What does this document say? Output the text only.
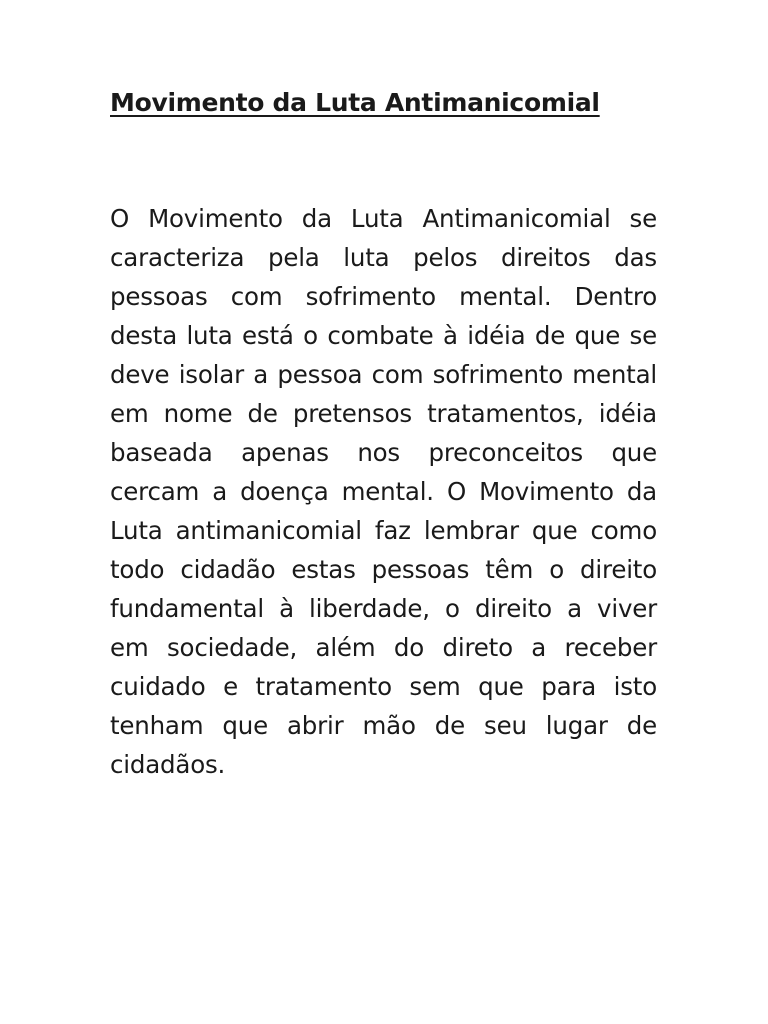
Movimento da Luta Antimanicomial

O Movimento da Luta Antimanicomial se caracteriza pela luta pelos direitos das pessoas com sofrimento mental. Dentro desta luta está o combate à idéia de que se deve isolar a pessoa com sofrimento mental em nome de pretensos tratamentos, idéia baseada apenas nos preconceitos que cercam a doença mental. O Movimento da Luta antimanicomial faz lembrar que como todo cidadão estas pessoas têm o direito fundamental à liberdade, o direito a viver em sociedade, além do direto a receber cuidado e tratamento sem que para isto tenham que abrir mão de seu lugar de cidadãos.
